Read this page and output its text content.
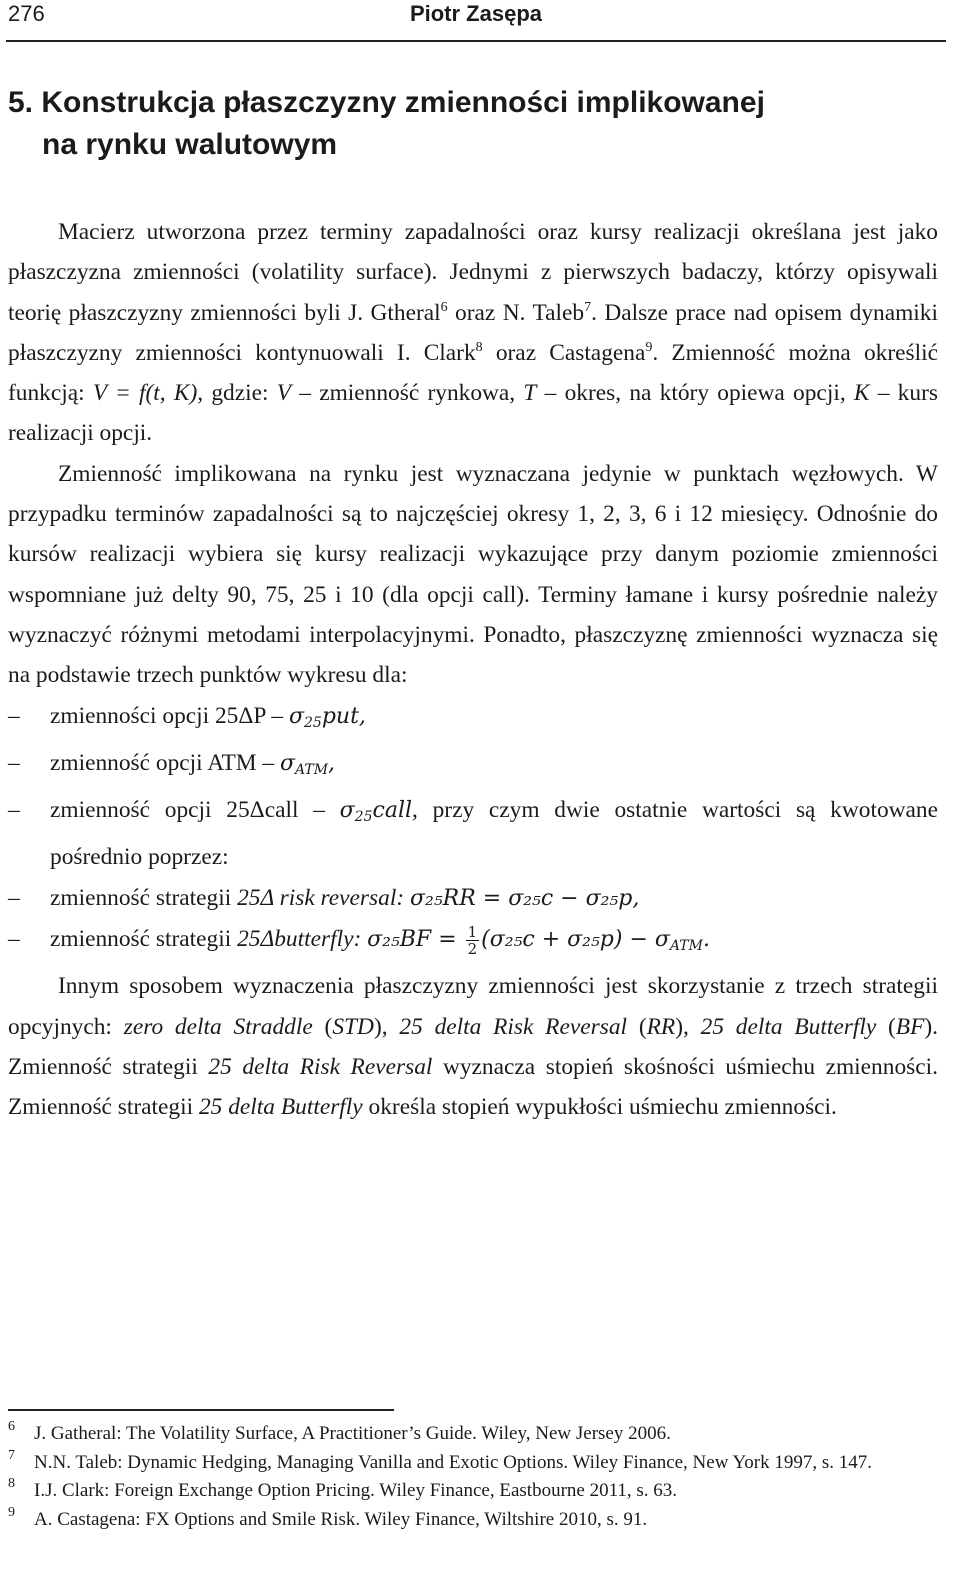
276	Piotr Zasępa
5. Konstrukcja płaszczyzny zmienności implikowanej
na rynku walutowym

Macierz utworzona przez terminy zapadalności oraz kursy realizacji określana jest jako płaszczyzna zmienności (volatility surface). Jednymi z pierwszych badaczy, którzy opisywali teorię płaszczyzny zmienności byli J. Gtheral$^6$ oraz N. Taleb$^7$. Dalsze prace nad opisem dynamiki płaszczyzny zmienności kontynuowali I. Clark$^8$ oraz Castagena$^9$. Zmienność można określić funkcją: V = f(t, K), gdzie: V – zmienność rynkowa, T – okres, na który opiewa opcji, K – kurs realizacji opcji.

Zmienność implikowana na rynku jest wyznaczana jedynie w punktach węzłowych. W przypadku terminów zapadalności są to najczęściej okresy 1, 2, 3, 6 i 12 miesięcy. Odnośnie do kursów realizacji wybiera się kursy realizacji wykazujące przy danym poziomie zmienności wspomniane już delty 90, 75, 25 i 10 (dla opcji call). Terminy łamane i kursy pośrednie należy wyznaczyć różnymi metodami interpolacyjnymi. Ponadto, płaszczyznę zmienności wyznacza się na podstawie trzech punktów wykresu dla:

– zmienności opcji 25ΔP – σ25put,
– zmienność opcji ATM – σATM,
– zmienność opcji 25Δcall – σ25call, przy czym dwie ostatnie wartości są kwotowane pośrednio poprzez:
– zmienność strategii 25Δ risk reversal: σ₂₅RR = σ₂₅c − σ₂₅p,
– zmienność strategii 25Δbutterfly: $\sigma_{25}BF = \frac{1}{2} (\sigma_{25}c + \sigma_{25}p) - \sigma ATM$.

Innym sposobem wyznaczenia płaszczyzny zmienności jest skorzystanie z trzech strategii opcyjnych: zero delta Straddle (STD), 25 delta Risk Reversal (RR), 25 delta Butterfly (BF). Zmienność strategii 25 delta Risk Reversal wyznacza stopień skośności uśmiechu zmienności. Zmienność strategii 25 delta Butterfly określa stopień wypukłości uśmiechu zmienności.

6 J. Gatheral: The Volatility Surface, A Practitioner’s Guide. Wiley, New Jersey 2006.
7 N.N. Taleb: Dynamic Hedging, Managing Vanilla and Exotic Options. Wiley Finance, New York 1997, s. 147.
8 I.J. Clark: Foreign Exchange Option Pricing. Wiley Finance, Eastbourne 2011, s. 63.
9 A. Castagena: FX Options and Smile Risk. Wiley Finance, Wiltshire 2010, s. 91.
